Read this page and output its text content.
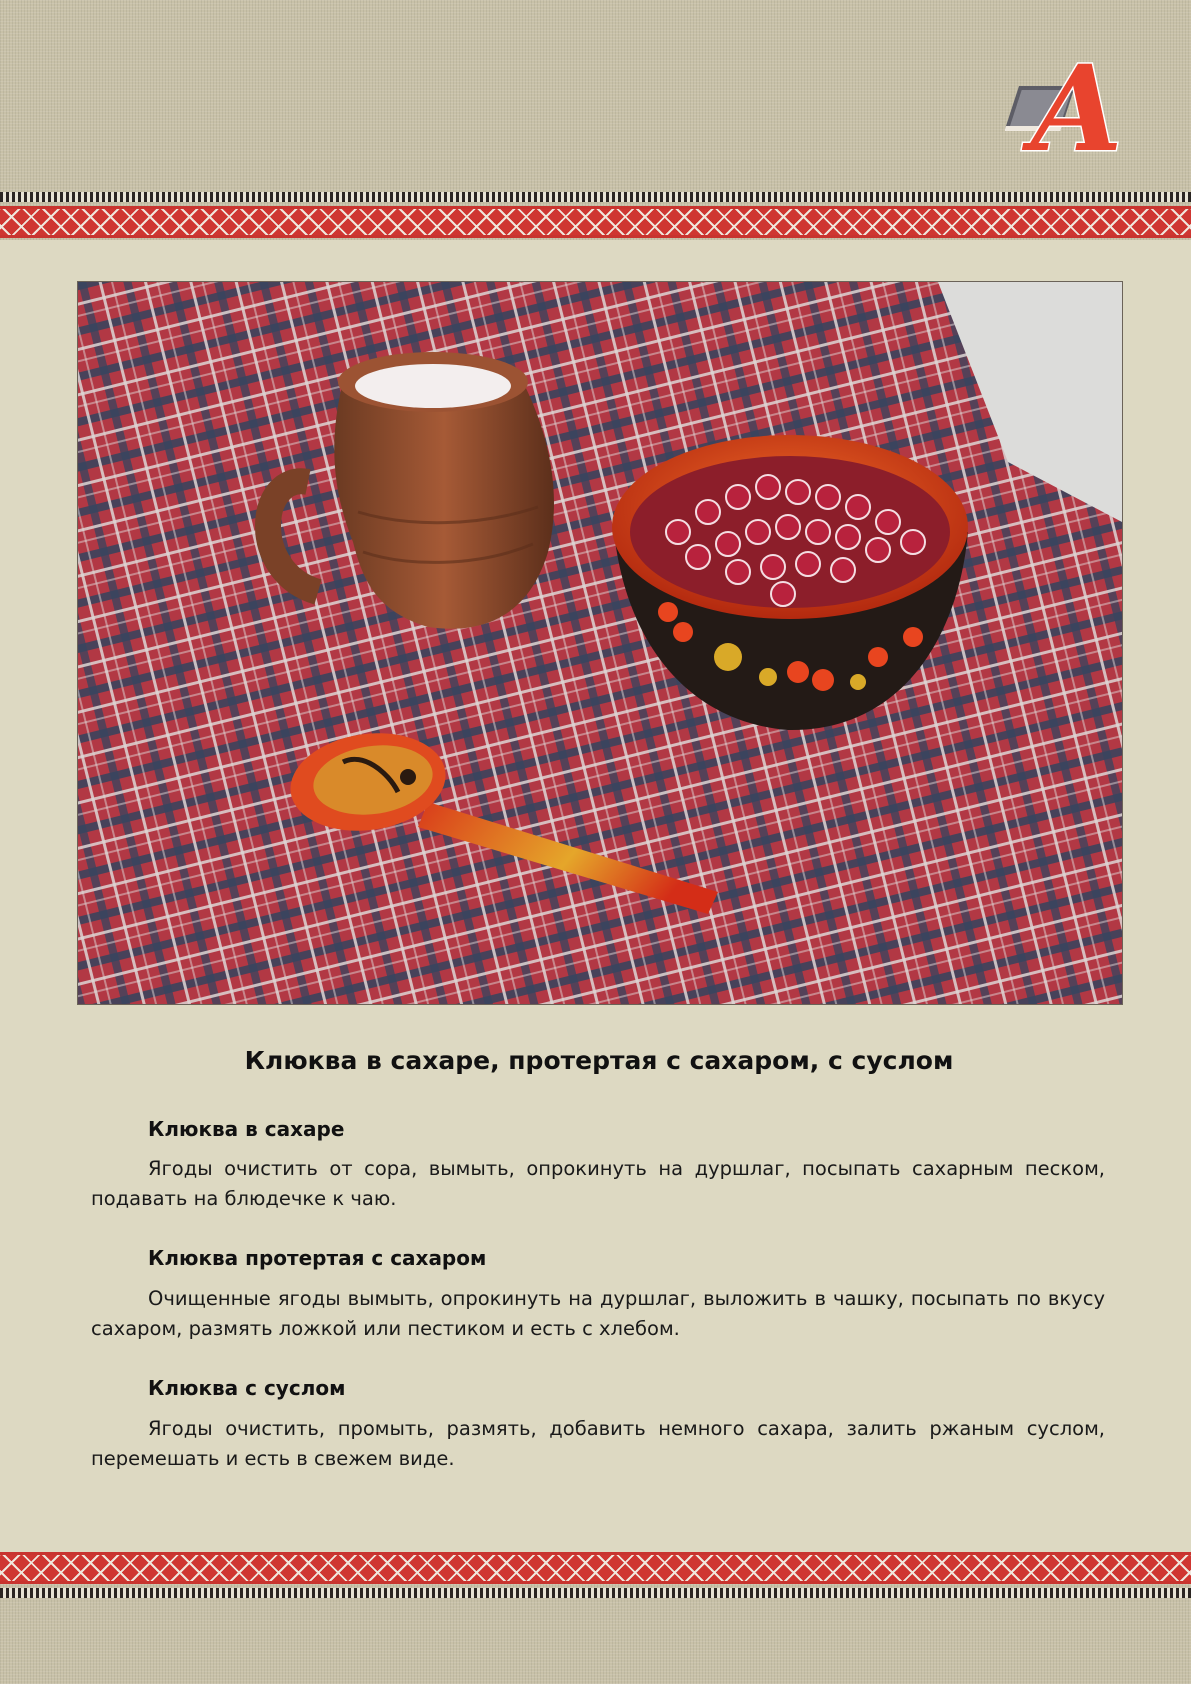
А
Клюква в сахаре, протертая с сахаром, с суслом
Клюква в сахаре
Ягоды очистить от сора, вымыть, опрокинуть на дуршлаг, посыпать сахарным песком, подавать на блюдечке к чаю.
Клюква протертая с сахаром
Очищенные ягоды вымыть, опрокинуть на дуршлаг, выложить в чашку, посыпать по вкусу сахаром, размять ложкой или пестиком и есть с хлебом.
Клюква с суслом
Ягоды очистить, промыть, размять, добавить немного сахара, залить ржаным суслом, перемешать и есть в свежем виде.
